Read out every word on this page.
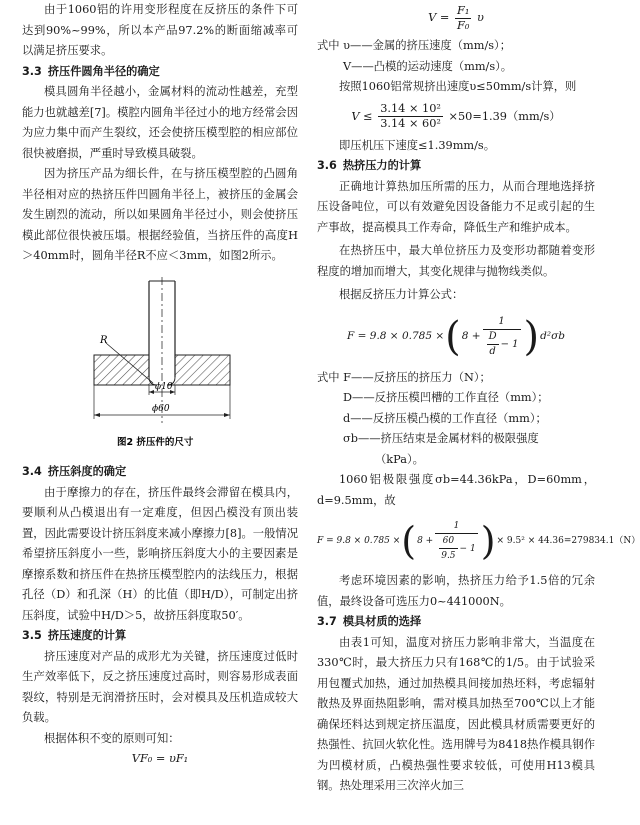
由于1060铝的许用变形程度在反挤压的条件下可达到90%~99%，所以本产品97.2%的断面缩减率可以满足挤压要求。

3.3 挤压件圆角半径的确定

模具圆角半径越小，金属材料的流动性越差，充型能力也就越差[7]。模腔内圆角半径过小的地方经常会因为应力集中而产生裂纹，还会使挤压模型腔的相应部位很快被磨损，严重时导致模具破裂。

因为挤压产品为细长件，在与挤压模型腔的凸圆角半径相对应的热挤压件凹圆角半径上，被挤压的金属会发生剧烈的流动，所以如果圆角半径过小，则会使挤压模此部位很快被压塌。根据经验值，当挤压件的高度H＞40mm时，圆角半径R不应＜3mm，如图2所示。

R
ϕ10
ϕ60
图2 挤压件的尺寸
3.4 挤压斜度的确定

由于摩擦力的存在，挤压件最终会滞留在模具内，要顺利从凸模退出有一定难度，但因凸模没有顶出装置，因此需要设计挤压斜度来减小摩擦力[8]。一般情况希望挤压斜度小一些，影响挤压斜度大小的主要因素是摩擦系数和挤压件在热挤压模型腔内的法线压力，根据孔径（D）和孔深（H）的比值（即H/D），可制定出挤压斜度，试验中H/D＞5，故挤压斜度取50′。

3.5 挤压速度的计算

挤压速度对产品的成形尤为关键，挤压速度过低时生产效率低下，反之挤压速度过高时，则容易形成表面裂纹，特别是无润滑挤压时，会对模具及压机造成较大负载。

根据体积不变的原则可知：

VF₀ = υF₁

$V = \frac{\text{F₁}}{\text{F₀}}$ υ

式中 υ——金属的挤压速度（mm/s）；

V——凸模的运动速度（mm/s）。

按照1060铝常规挤出速度υ≤50mm/s计算，则

$V \le \frac{\text{3.14 × 10²}}{\text{3.14 × 60²}} \times 50=1.39(mm/s)$

即压机压下速度≤1.39mm/s。

3.6 热挤压力的计算

正确地计算热加压所需的压力，从而合理地选择挤压设备吨位，可以有效避免因设备能力不足或引起的生产事故，提高模具工作寿命，降低生产和维护成本。

在热挤压中，最大单位挤压力及变形功都随着变形程度的增加而增大，其变化规律与抛物线类似。

根据反挤压力计算公式：

F = 9.8 × 0.785 × ( $8 + \frac{1}{\frac{D}{d} - 1}$ ) d²σb

式中 F——反挤压的挤压力（N）；

D——反挤压模凹槽的工作直径（mm）；

d——反挤压模凸模的工作直径（mm）；

σb——挤压结束是金属材料的极限强度

（kPa）。

1060铝极限强度σb=44.36kPa，D=60mm，d=9.5mm，故

F = 9.8 × 0.785 × ( $8 + \frac{1}{\frac{60}{9.5} - 1}$ ) × 9.5² × 44.36=279834.1（N）

考虑环境因素的影响，热挤压力给予1.5倍的冗余值，最终设备可选压力0~441000N。

3.7 模具材质的选择

由表1可知，温度对挤压力影响非常大，当温度在330℃时，最大挤压力只有168℃的1/5。由于试验采用包覆式加热，通过加热模具间接加热坯料，考虑辐射散热及界面热阻影响，需对模具加热至700℃以上才能确保坯料达到规定挤压温度，因此模具材质需要更好的热强性、抗回火软化性。选用牌号为8418热作模具钢作为凹模材质，凸模热强性要求较低，可使用H13模具钢。热处理采用三次淬火加三
